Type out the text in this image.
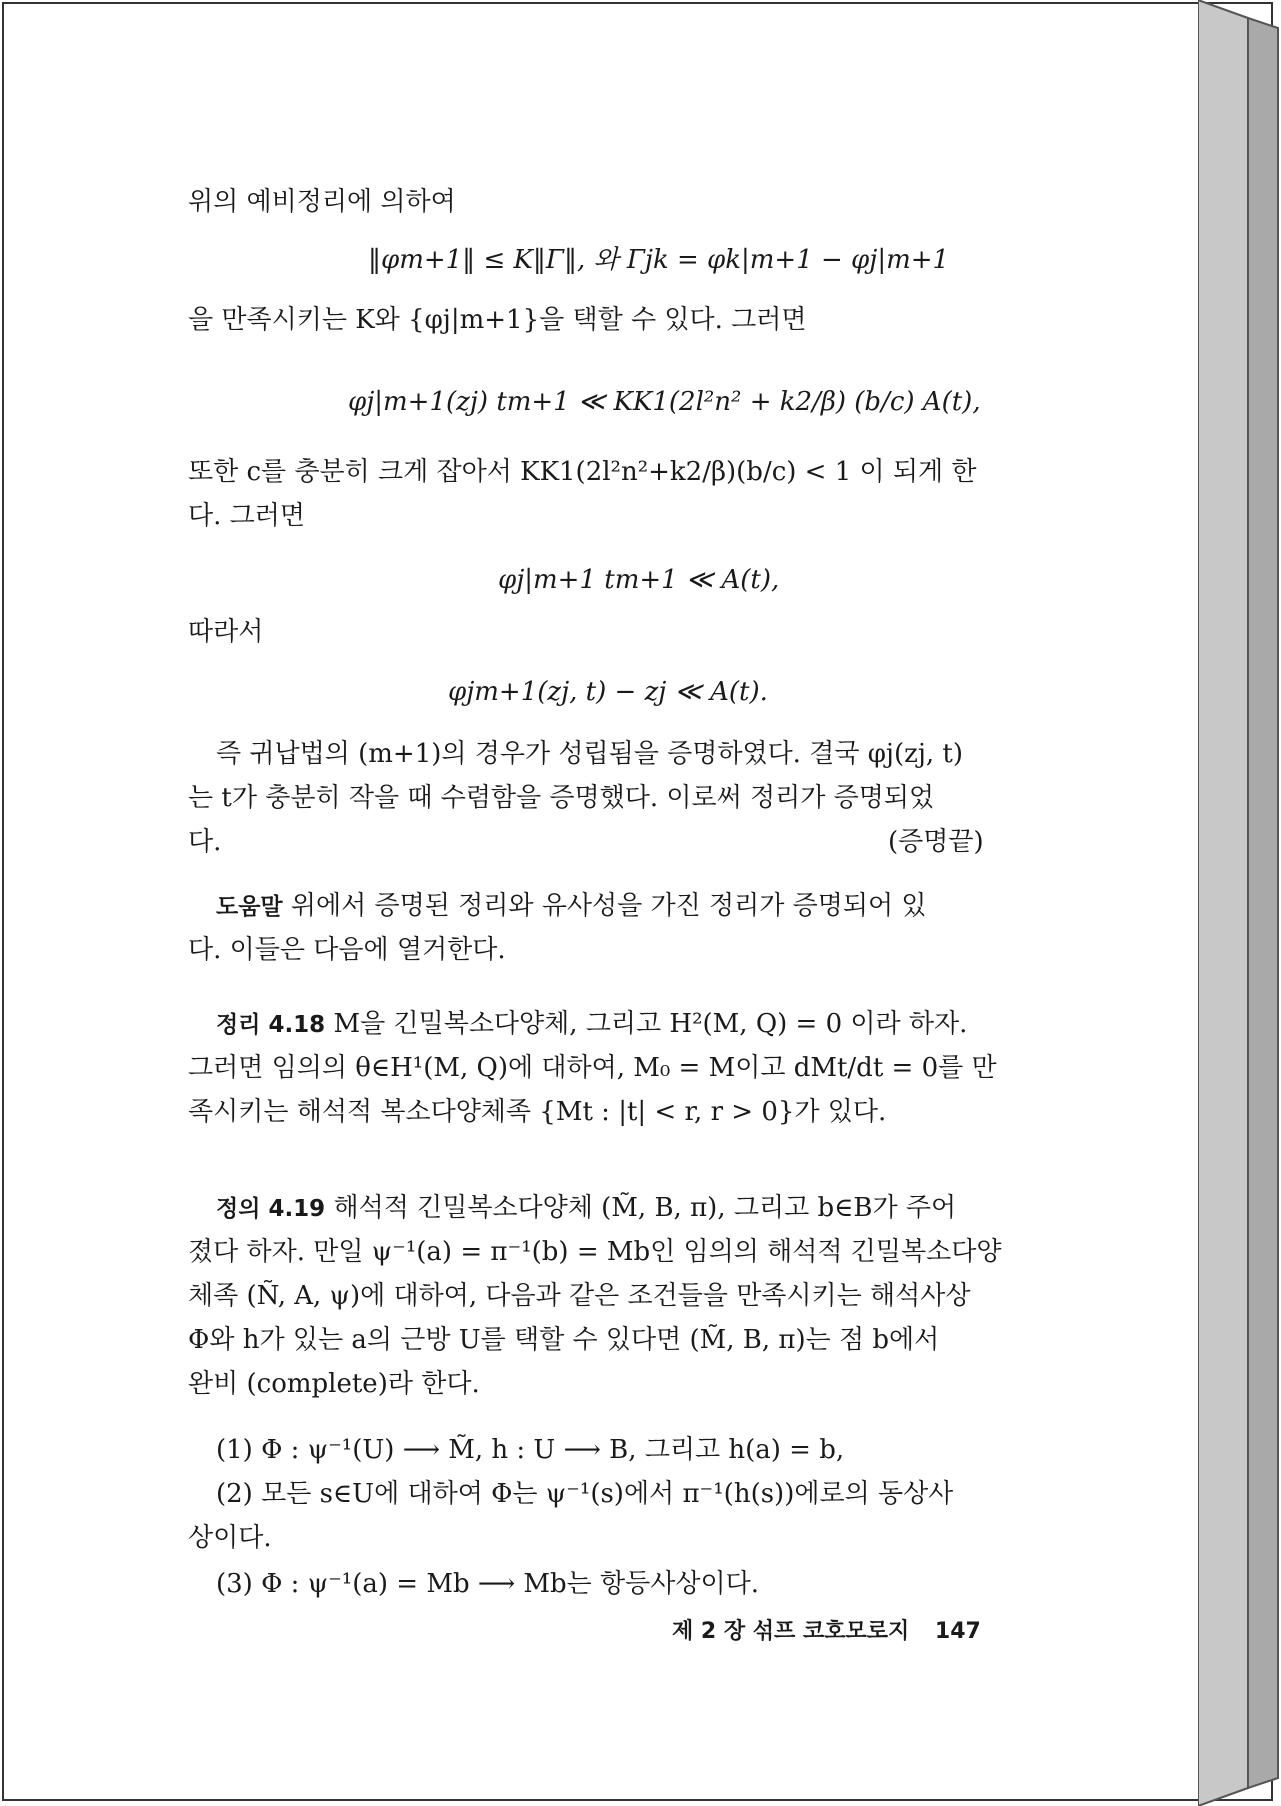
위의 예비정리에 의하여
‖φm+1‖ ≤ K‖Γ‖, 와 Γjk = φk|m+1 − φj|m+1
을 만족시키는 K와 {φj|m+1}을 택할 수 있다. 그러면
φj|m+1(zj) tm+1 ≪ KK1(2l²n² + k2/β) (b/c) A(t),
또한 c를 충분히 크게 잡아서 KK1(2l²n²+k2/β)(b/c) < 1 이 되게 한
다. 그러면
φj|m+1 tm+1 ≪ A(t),
따라서
φjm+1(zj, t) − zj ≪ A(t).
즉 귀납법의 (m+1)의 경우가 성립됨을 증명하였다. 결국 φj(zj, t)
는 t가 충분히 작을 때 수렴함을 증명했다. 이로써 정리가 증명되었
다.	(증명끝)
도움말 위에서 증명된 정리와 유사성을 가진 정리가 증명되어 있
다. 이들은 다음에 열거한다.
정리 4.18 M을 긴밀복소다양체, 그리고 H²(M, Q) = 0 이라 하자.
그러면 임의의 θ∈H¹(M, Q)에 대하여, M₀ = M이고 dMt/dt = 0를 만
족시키는 해석적 복소다양체족 {Mt : |t| < r, r > 0}가 있다.
정의 4.19 해석적 긴밀복소다양체 (M̃, B, π), 그리고 b∈B가 주어
졌다 하자. 만일 ψ⁻¹(a) = π⁻¹(b) = Mb인 임의의 해석적 긴밀복소다양
체족 (Ñ, A, ψ)에 대하여, 다음과 같은 조건들을 만족시키는 해석사상
Φ와 h가 있는 a의 근방 U를 택할 수 있다면 (M̃, B, π)는 점 b에서
완비 (complete)라 한다.
(1) Φ : ψ⁻¹(U) ⟶ M̃, h : U ⟶ B, 그리고 h(a) = b,
(2) 모든 s∈U에 대하여 Φ는 ψ⁻¹(s)에서 π⁻¹(h(s))에로의 동상사
상이다.
(3) Φ : ψ⁻¹(a) = Mb ⟶ Mb는 항등사상이다.
제 2 장 섞프 코호모로지 147
